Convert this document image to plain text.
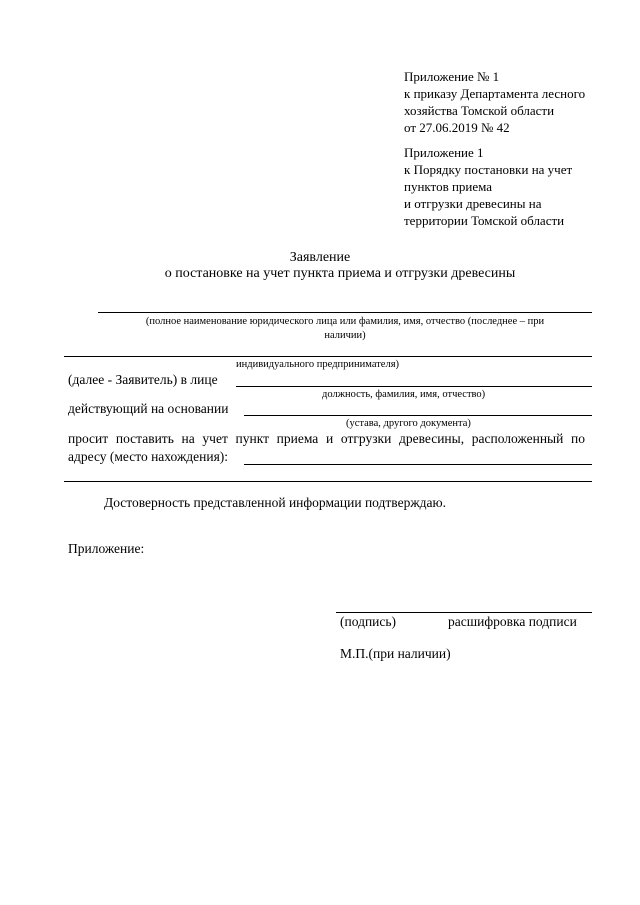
Приложение № 1
к приказу Департамента лесного
хозяйства Томской области
от 27.06.2019 № 42
Приложение 1
к Порядку постановки на учет
пунктов приема
и отгрузки древесины на
территории Томской области
Заявление
о постановке на учет пункта приема и отгрузки древесины
(полное наименование юридического лица или фамилия, имя, отчество (последнее – при
наличии)
индивидуального предпринимателя)
(далее - Заявитель) в лице
должность, фамилия, имя, отчество)
действующий на основании
(устава, другого документа)
просит поставить на учет пункт приема и отгрузки древесины, расположенный по
адресу (место нахождения):
Достоверность представленной информации подтверждаю.
Приложение:
(подпись)	расшифровка подписи
М.П.(при наличии)
